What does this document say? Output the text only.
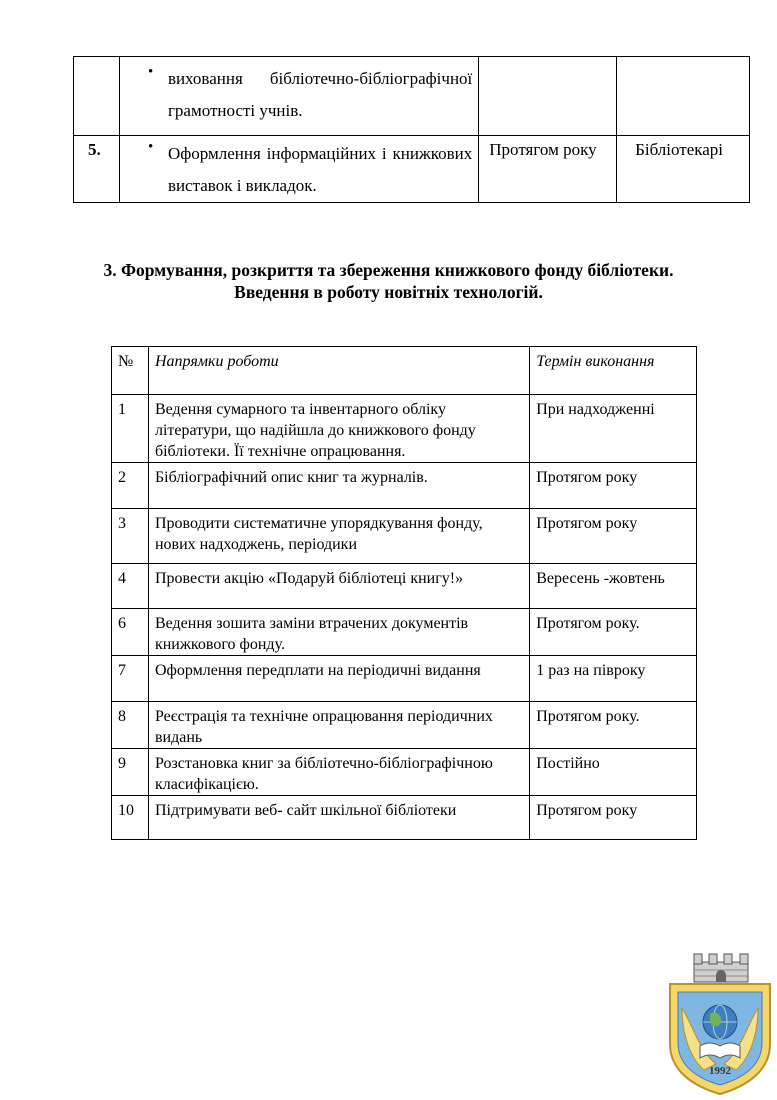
	• виховання бібліотечно-бібліографічної грамотності учнів.		

5.	• Оформлення інформаційних і книжкових виставок і викладок.	Протягом року	Бібліотекарі
3. Формування, розкриття та збереження книжкового фонду бібліотеки.
Введення в роботу новітніх технологій.
№	Напрямки роботи	Термін виконання
1	Ведення сумарного та інвентарного обліку літератури, що надійшла до книжкового фонду бібліотеки. Її технічне опрацювання.	При надходженні
2	Бібліографічний опис книг та журналів.	Протягом року
3	Проводити систематичне упорядкування фонду, нових надходжень, періодики	Протягом року
4	Провести акцію «Подаруй бібліотеці книгу!»	Вересень -жовтень
6	Ведення зошита заміни втрачених документів книжкового фонду.	Протягом року.
7	Оформлення передплати на періодичні видання	1 раз на півроку
8	Реєстрація та технічне опрацювання періодичних видань	Протягом року.
9	Розстановка книг за бібліотечно-бібліографічною класифікацією.	Постійно
10	Підтримувати веб- сайт шкільної бібліотеки	Протягом року
1992
